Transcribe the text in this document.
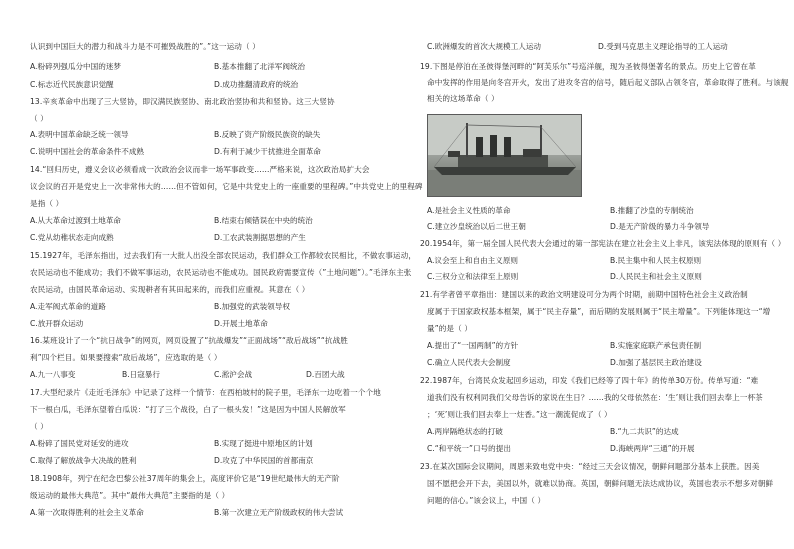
认识到中国巨大的潜力和战斗力是不可摧毁战胜的”。”这一运动（ ）
A.粉碎列强瓜分中国的迷梦	B.基本推翻了北洋军阀统治
C.标志近代民族意识觉醒	D.成功推翻清政府的统治
13.辛亥革命中出现了三大竖协，即汉满民族竖协、南北政治竖协和共和竖协。这三大竖协
（ ）
A.表明中国革命缺乏统一领导	B.反映了资产阶级民族资的缺失
C.说明中国社会的革命条件不成熟	D.有利于减少干扰推进全面革命
14.“回归历史，遵义会议必须看成一次政治会议而非一场军事政变……严格来说，这次政治局扩大会
议会议的召开是党史上一次非常伟大的……但不管如何，它是中共党史上的一座重要的里程碑。”中共党史上的里程碑
是指（ ）
A.从大革命过渡到土地革命	B.结束右倾错误在中央的统治
C.党从幼稚状态走向成熟	D.工农武装割据思想的产生
15.1927年，毛泽东指出，过去我们有一大批人出没全部农民运动，我们群众工作都较农民相比，不做农事运动，
农民运动也不能成功；我们不做军事运动，农民运动也不能成功。国民政府需要宣传（”土地问题”）。”毛泽东主张
农民运动，由国民革命运动、实现耕者有其田起来的，而我们应重视。其意在（ ）
A.走军阀式革命的道路	B.加强党的武装领导权
C.放开群众运动	D.开展土地革命
16.某班设计了一个“抗日战争”的网页，网页设置了“抗战爆发”“正面战场”“敌后战场”“抗战胜
利”四个栏目。如果要搜索“敌后战场”，应选取的是（ ）
A.九一八事变	B.日寇暴行	C.淞沪会战	D.百团大战
17.大型纪录片《走近毛泽东》中记录了这样一个情节：在西柏坡村的院子里，毛泽东一边吃着一个个地
下一根白瓜，毛泽东望着白瓜说：“打了三个战役，白了一根头发！”这是因为中国人民解放军
（ ）
A.粉碎了国民党对延安的进攻	B.实现了挺进中原地区的计划
C.取得了解放战争大决战的胜利	D.攻克了中华民国的首都南京
18.1908年，列宁在纪念巴黎公社37周年的集会上，高度评价它是“19世纪最伟大的无产阶
级运动的最伟大典范”。其中“最伟大典范”主要指的是（ ）
A.第一次取得胜利的社会主义革命	B.第一次建立无产阶级政权的伟大尝试
C.欧洲爆发的首次大规模工人运动	D.受到马克思主义理论指导的工人运动
19.下图是停泊在圣彼得堡河畔的“阿芙乐尔”号巡洋舰，现为圣彼得堡著名的景点。历史上它曾在革
命中发挥的作用是向冬宫开火，发出了进攻冬宫的信号，随后起义部队占领冬宫，革命取得了胜利。与该舰
相关的这场革命（ ）
A.是社会主义性质的革命	B.推翻了沙皇的专制统治
C.建立沙皇统治以后二世王朝	D.是无产阶级的暴力斗争领导
20.1954年，第一届全国人民代表大会通过的第一部宪法在建立社会主义上非凡，该宪法体现的原则有（ ）
A.议会至上和自由主义原则	B.民主集中和人民主权原则
C.三权分立和法律至上原则	D.人民民主和社会主义原则
21.有学者曾平章指出：建国以来的政治文明建设可分为两个时期，前期中国特色社会主义政治制
度属于于国家政权基本框架，属于“民主存量”，而后期的发展则属于“民主增量”。下列能体现这一“增
量”的是（ ）
A.提出了“一国两制”的方针	B.实施家庭联产承包责任制
C.确立人民代表大会制度	D.加强了基层民主政治建设
22.1987年，台湾民众发起回乡运动，印发《我们已经等了四十年》的传单30万份。传单写道：“难
道我们没有权利同我们父母告诉的家说在生日？……我的父母依然在：‘生’则让我们回去奉上一杯茶
；‘死’则让我们回去奉上一炷香。”这一潮流促成了（ ）
A.两岸隔绝状态的打破	B.“九二共识”的达成
C.“和平统一”口号的提出	D.海峡两岸“三通”的开展
23.在某次国际会议期间，周恩来致电党中央：“经过三天会议情况，朝鲜问题部分基本上获胜。因美
国不愿把会开下去，美国以外，就难以协商。英国，朝鲜问题无法达成协议，英国也表示不想多对朝鲜
问题的信心。”该会议上，中国（ ）
